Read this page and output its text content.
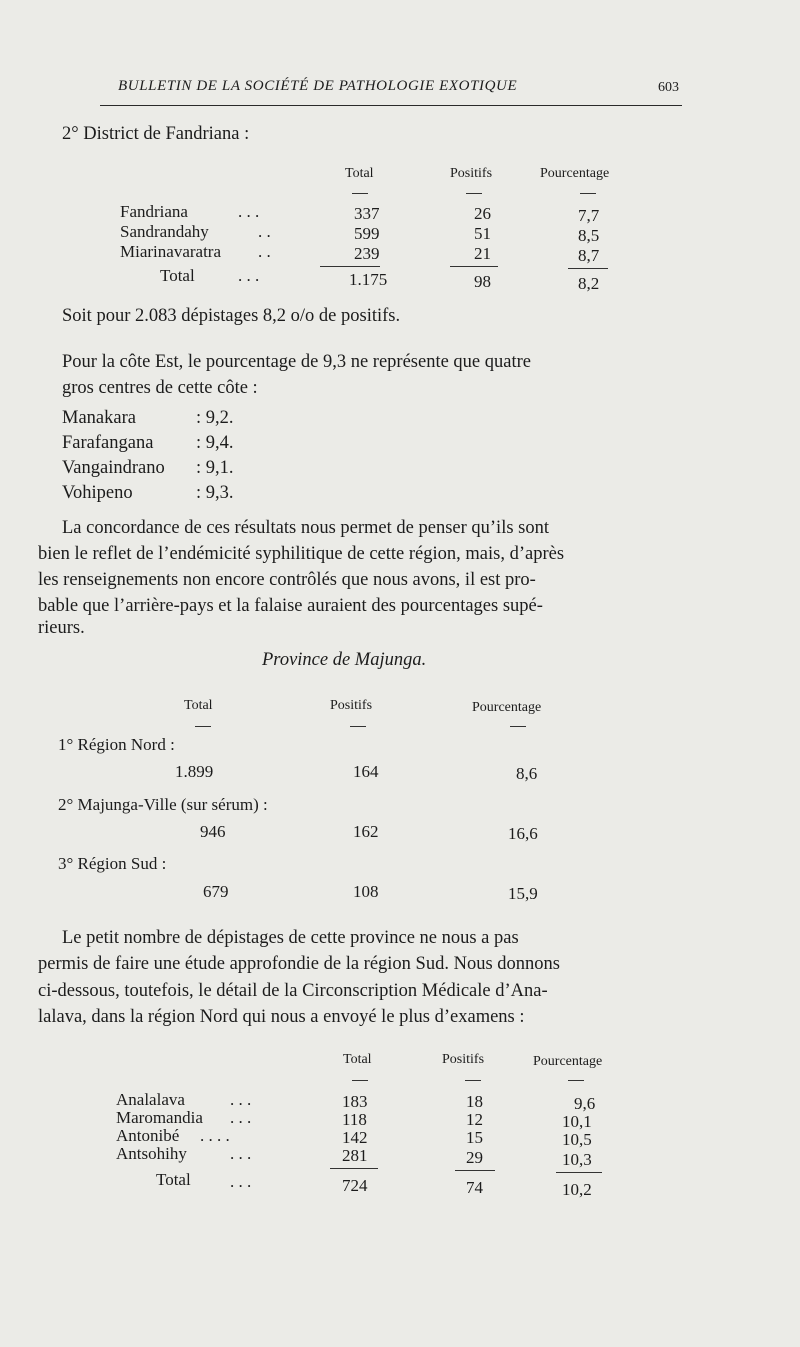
BULLETIN DE LA SOCIÉTÉ DE PATHOLOGIE EXOTIQUE	603
2° District de Fandriana :
Total	Positifs	Pourcentage
Fandriana	. . .	337	26	7,7
Sandrandahy	. .	599	51	8,5
Miarinavaratra . .	239	21	8,7
Total	. . .	1.175	98	8,2
Soit pour 2.083 dépistages 8,2 o/o de positifs.
Pour la côte Est, le pourcentage de 9,3 ne représente que quatre
gros centres de cette côte :
Manakara	: 9,2.
Farafangana : 9,4.
Vangaindrano : 9,1.
Vohipeno	: 9,3.
La concordance de ces résultats nous permet de penser qu’ils sont
bien le reflet de l’endémicité syphilitique de cette région, mais, d’après
les renseignements non encore contrôlés que nous avons, il est pro-
bable que l’arrière-pays et la falaise auraient des pourcentages supé-
rieurs.
Province de Majunga.
Total	Positifs	Pourcentage
1° Région Nord :
1.899	164	8,6
2° Majunga-Ville (sur sérum) :
946	162	16,6
3° Région Sud :
679	108	15,9
Le petit nombre de dépistages de cette province ne nous a pas
permis de faire une étude approfondie de la région Sud. Nous donnons
ci-dessous, toutefois, le détail de la Circonscription Médicale d’Ana-
lalava, dans la région Nord qui nous a envoyé le plus d’examens :
Total	Positifs	Pourcentage
Analalava	. . .	183	18	9,6
Maromandia . . .	118	12	10,1
Antonibé . . . .	142	15	10,5
Antsohihy	. . .	281	29	10,3
Total . . .	724	74	10,2
